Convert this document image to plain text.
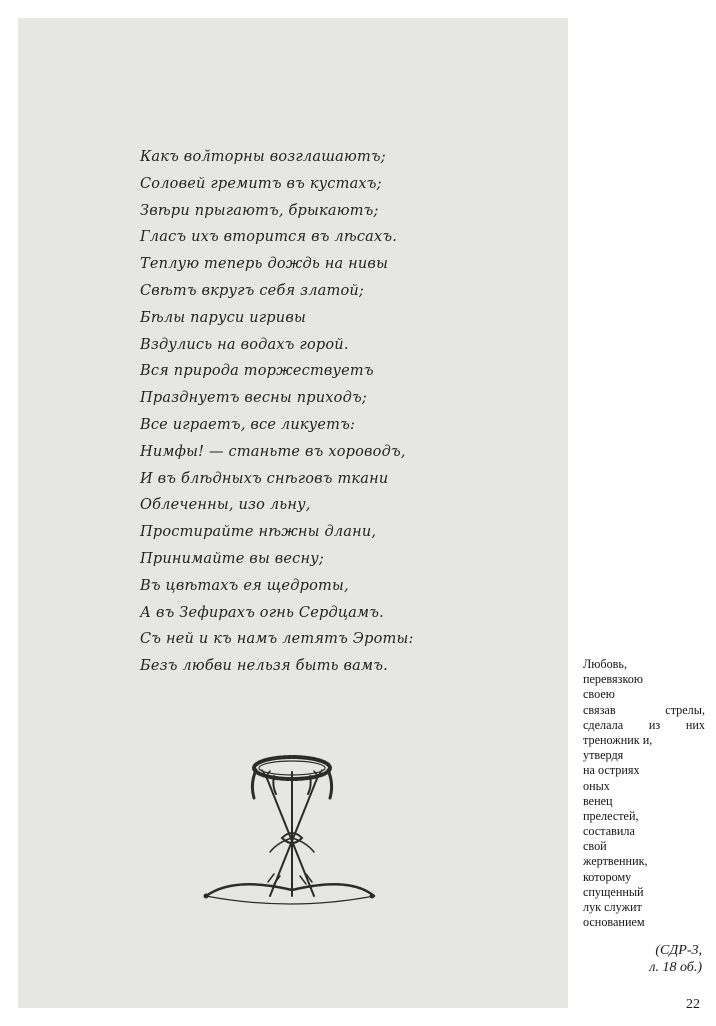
Какъ вол̆торны возглашаютъ;
Соловей гремитъ въ кустахъ;
Звѣри прыгаютъ, брыкаютъ;
Гласъ ихъ вторится въ лѣсахъ.
Теплую теперь дождь на нивы
Свѣтъ вкругъ себя златой;
Бѣлы паруси игривы
Вздулись на водахъ горой.
Вся природа торжествуетъ
Празднуетъ весны приходъ;
Все играетъ, все ликуетъ:
Нимфы! — станьте въ хороводъ,
И въ блѣдныхъ снѣговъ ткани
Облеченны, изо льну,
Простирайте нѣжны длани,
Принимайте вы весну;
Въ цвѣтахъ ея щедроты,
А въ Зефирахъ огнь Сердцамъ.
Съ ней и къ намъ летятъ Эроты:
Безъ любви нельзя быть вамъ.	Любовь,
перевязкою
своею
связав	стрелы,
сделала из них
треножник и,
утвердя
на острияx
оных
венец
прелестей,
составила
свой
жертвенник,
которому
спущенный
лук служит
основанием
(СДР-3,
л. 18 об.)
22
